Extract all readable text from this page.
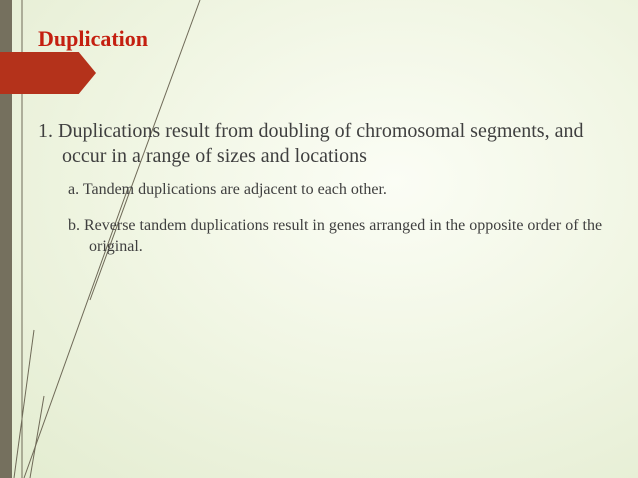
Duplication

1. Duplications result from doubling of chromosomal segments, and occur in a range of sizes and locations

a. Tandem duplications are adjacent to each other.

b. Reverse tandem duplications result in genes arranged in the opposite order of the original.
